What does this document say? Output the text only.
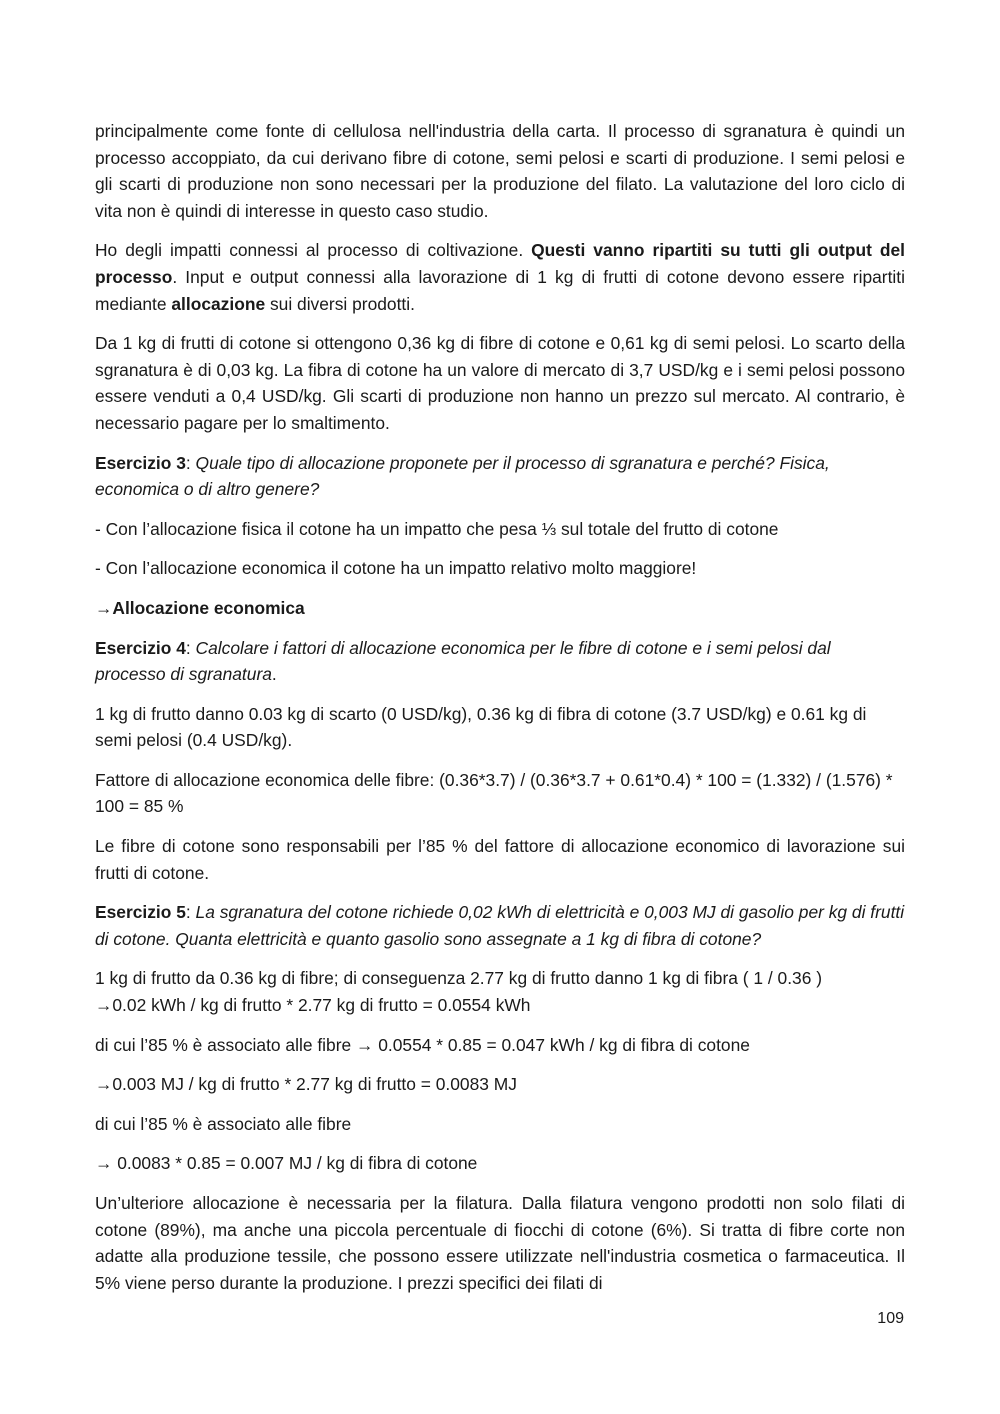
principalmente come fonte di cellulosa nell'industria della carta. Il processo di sgranatura è quindi un processo accoppiato, da cui derivano fibre di cotone, semi pelosi e scarti di produzione. I semi pelosi e gli scarti di produzione non sono necessari per la produzione del filato. La valutazione del loro ciclo di vita non è quindi di interesse in questo caso studio.

Ho degli impatti connessi al processo di coltivazione. Questi vanno ripartiti su tutti gli output del processo. Input e output connessi alla lavorazione di 1 kg di frutti di cotone devono essere ripartiti mediante allocazione sui diversi prodotti.

Da 1 kg di frutti di cotone si ottengono 0,36 kg di fibre di cotone e 0,61 kg di semi pelosi. Lo scarto della sgranatura è di 0,03 kg. La fibra di cotone ha un valore di mercato di 3,7 USD/kg e i semi pelosi possono essere venduti a 0,4 USD/kg. Gli scarti di produzione non hanno un prezzo sul mercato. Al contrario, è necessario pagare per lo smaltimento.

Esercizio 3: Quale tipo di allocazione proponete per il processo di sgranatura e perché? Fisica, economica o di altro genere?

- Con l’allocazione fisica il cotone ha un impatto che pesa ⅓ sul totale del frutto di cotone

- Con l’allocazione economica il cotone ha un impatto relativo molto maggiore!

→Allocazione economica

Esercizio 4: Calcolare i fattori di allocazione economica per le fibre di cotone e i semi pelosi dal processo di sgranatura.

1 kg di frutto danno 0.03 kg di scarto (0 USD/kg), 0.36 kg di fibra di cotone (3.7 USD/kg) e 0.61 kg di semi pelosi (0.4 USD/kg).

Fattore di allocazione economica delle fibre: (0.36*3.7) / (0.36*3.7 + 0.61*0.4) * 100 = (1.332) / (1.576) * 100 = 85 %

Le fibre di cotone sono responsabili per l’85 % del fattore di allocazione economico di lavorazione sui frutti di cotone.

Esercizio 5: La sgranatura del cotone richiede 0,02 kWh di elettricità e 0,003 MJ di gasolio per kg di frutti di cotone. Quanta elettricità e quanto gasolio sono assegnate a 1 kg di fibra di cotone?

1 kg di frutto da 0.36 kg di fibre; di conseguenza 2.77 kg di frutto danno 1 kg di fibra ( 1 / 0.36 )
→0.02 kWh / kg di frutto * 2.77 kg di frutto = 0.0554 kWh

di cui l’85 % è associato alle fibre → 0.0554 * 0.85 = 0.047 kWh / kg di fibra di cotone

→0.003 MJ / kg di frutto * 2.77 kg di frutto = 0.0083 MJ

di cui l’85 % è associato alle fibre

→ 0.0083 * 0.85 = 0.007 MJ / kg di fibra di cotone

Un’ulteriore allocazione è necessaria per la filatura. Dalla filatura vengono prodotti non solo filati di cotone (89%), ma anche una piccola percentuale di fiocchi di cotone (6%). Si tratta di fibre corte non adatte alla produzione tessile, che possono essere utilizzate nell'industria cosmetica o farmaceutica. Il 5% viene perso durante la produzione. I prezzi specifici dei filati di

109
